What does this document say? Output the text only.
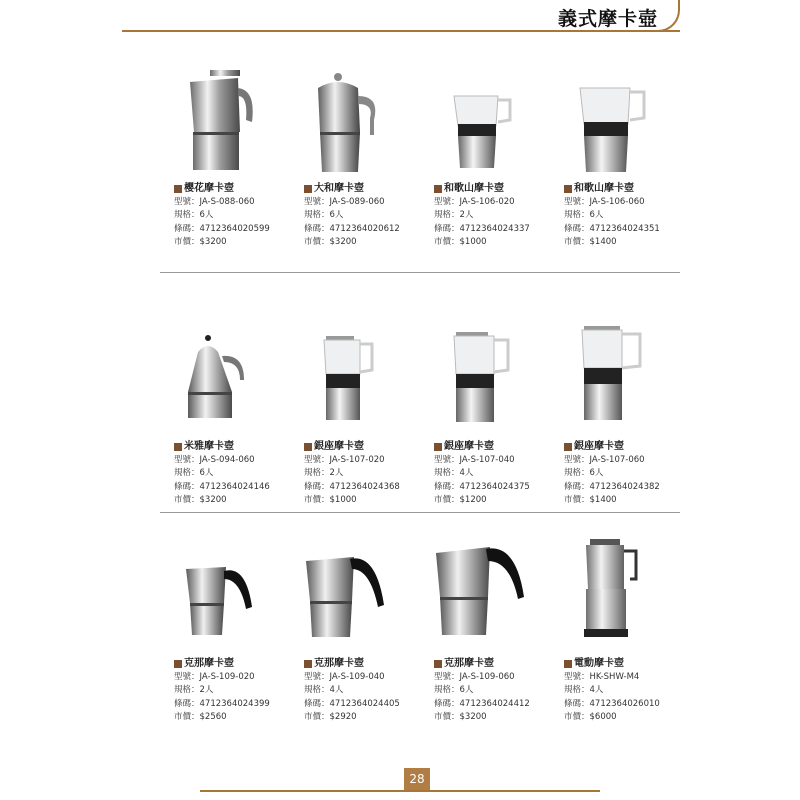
義式摩卡壺
櫻花摩卡壺
型號：JA-S-088-060
規格：6人
條碼：4712364020599
市價：$3200
大和摩卡壺
型號：JA-S-089-060
規格：6人
條碼：4712364020612
市價：$3200
和歌山摩卡壺
型號：JA-S-106-020
規格：2人
條碼：4712364024337
市價：$1000
和歌山摩卡壺
型號：JA-S-106-060
規格：6人
條碼：4712364024351
市價：$1400
米雅摩卡壺
型號：JA-S-094-060
規格：6人
條碼：4712364024146
市價：$3200
銀座摩卡壺
型號：JA-S-107-020
規格：2人
條碼：4712364024368
市價：$1000
銀座摩卡壺
型號：JA-S-107-040
規格：4人
條碼：4712364024375
市價：$1200
銀座摩卡壺
型號：JA-S-107-060
規格：6人
條碼：4712364024382
市價：$1400
克那摩卡壺
型號：JA-S-109-020
規格：2人
條碼：4712364024399
市價：$2560
克那摩卡壺
型號：JA-S-109-040
規格：4人
條碼：4712364024405
市價：$2920
克那摩卡壺
型號：JA-S-109-060
規格：6人
條碼：4712364024412
市價：$3200
電動摩卡壺
型號：HK-SHW-M4
規格：4人
條碼：4712364026010
市價：$6000
28
